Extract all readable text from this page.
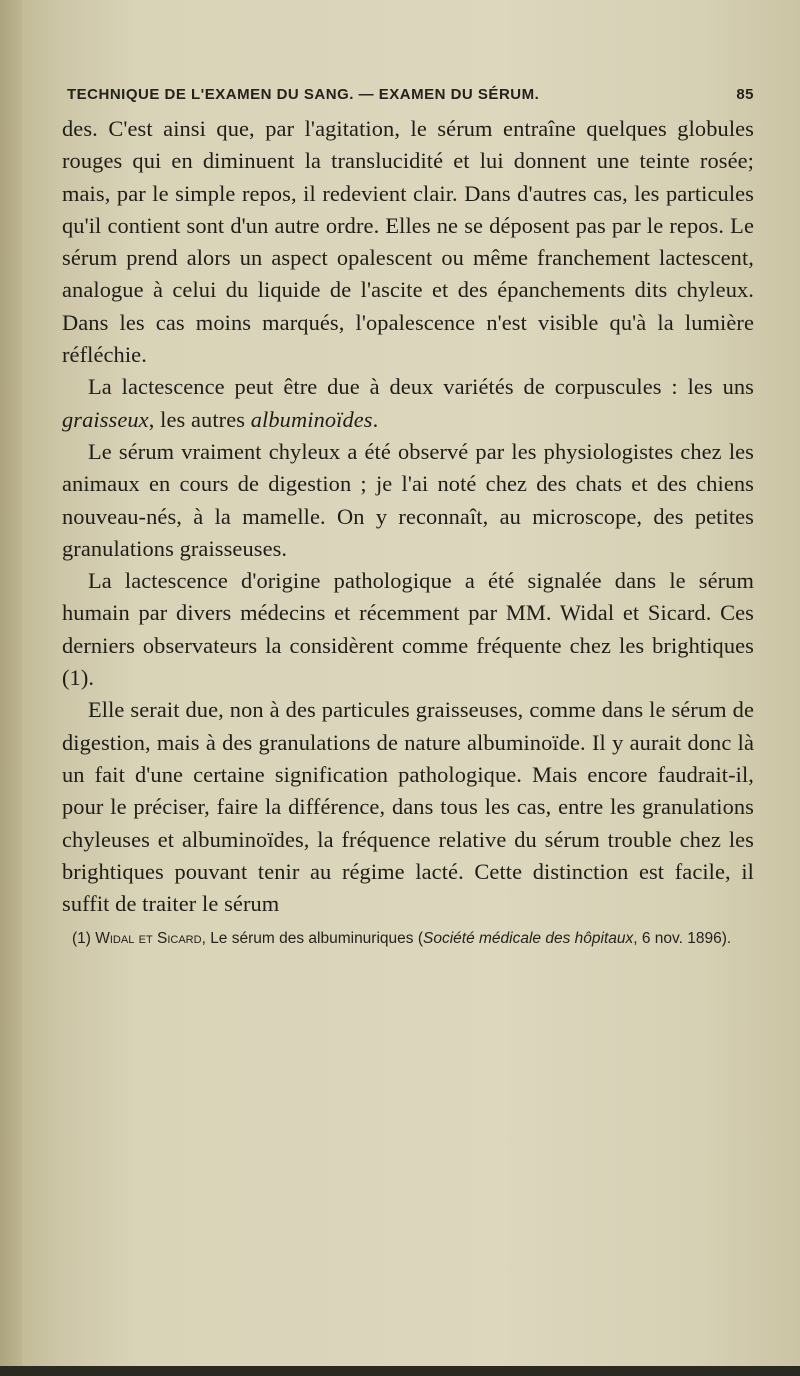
TECHNIQUE DE L'EXAMEN DU SANG. — EXAMEN DU SÉRUM.	85

des. C'est ainsi que, par l'agitation, le sérum entraîne quelques globules rouges qui en diminuent la translucidité et lui donnent une teinte rosée; mais, par le simple repos, il redevient clair. Dans d'autres cas, les particules qu'il contient sont d'un autre ordre. Elles ne se déposent pas par le repos. Le sérum prend alors un aspect opalescent ou même franchement lactescent, analogue à celui du liquide de l'ascite et des épanchements dits chyleux. Dans les cas moins marqués, l'opalescence n'est visible qu'à la lumière réfléchie.

La lactescence peut être due à deux variétés de corpuscules : les uns graisseux, les autres albuminoïdes.

Le sérum vraiment chyleux a été observé par les physiologistes chez les animaux en cours de digestion ; je l'ai noté chez des chats et des chiens nouveau-nés, à la mamelle. On y reconnaît, au microscope, des petites granulations graisseuses.

La lactescence d'origine pathologique a été signalée dans le sérum humain par divers médecins et récemment par MM. Widal et Sicard. Ces derniers observateurs la considèrent comme fréquente chez les brightiques (1).

Elle serait due, non à des particules graisseuses, comme dans le sérum de digestion, mais à des granulations de nature albuminoïde. Il y aurait donc là un fait d'une certaine signification pathologique. Mais encore faudrait-il, pour le préciser, faire la différence, dans tous les cas, entre les granulations chyleuses et albuminoïdes, la fréquence relative du sérum trouble chez les brightiques pouvant tenir au régime lacté. Cette distinction est facile, il suffit de traiter le sérum

(1) Widal et Sicard, Le sérum des albuminuriques (Société médicale des hôpitaux, 6 nov. 1896).
